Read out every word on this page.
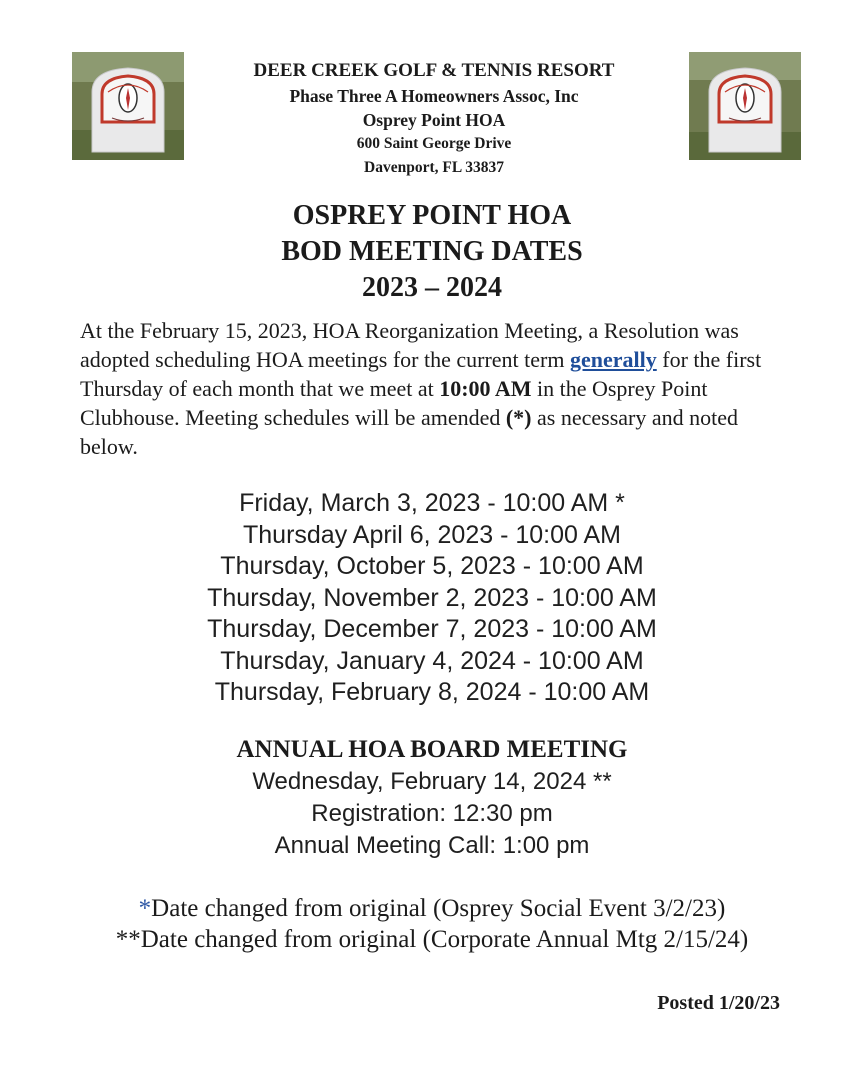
DEER CREEK GOLF & TENNIS RESORT
Phase Three A Homeowners Assoc, Inc
Osprey Point HOA
600 Saint George Drive
Davenport, FL 33837
OSPREY POINT HOA
BOD MEETING DATES
2023 – 2024
At the February 15, 2023, HOA Reorganization Meeting, a Resolution was adopted scheduling HOA meetings for the current term generally for the first Thursday of each month that we meet at 10:00 AM in the Osprey Point Clubhouse. Meeting schedules will be amended (*) as necessary and noted below.
Friday, March 3, 2023 - 10:00 AM *
Thursday April 6, 2023 - 10:00 AM
Thursday, October 5, 2023 - 10:00 AM
Thursday, November 2, 2023 - 10:00 AM
Thursday, December 7, 2023 - 10:00 AM
Thursday, January 4, 2024 - 10:00 AM
Thursday, February 8, 2024 - 10:00 AM
ANNUAL HOA BOARD MEETING
Wednesday, February 14, 2024 **
Registration: 12:30 pm
Annual Meeting Call: 1:00 pm
*Date changed from original (Osprey Social Event 3/2/23)
**Date changed from original (Corporate Annual Mtg 2/15/24)
Posted 1/20/23
